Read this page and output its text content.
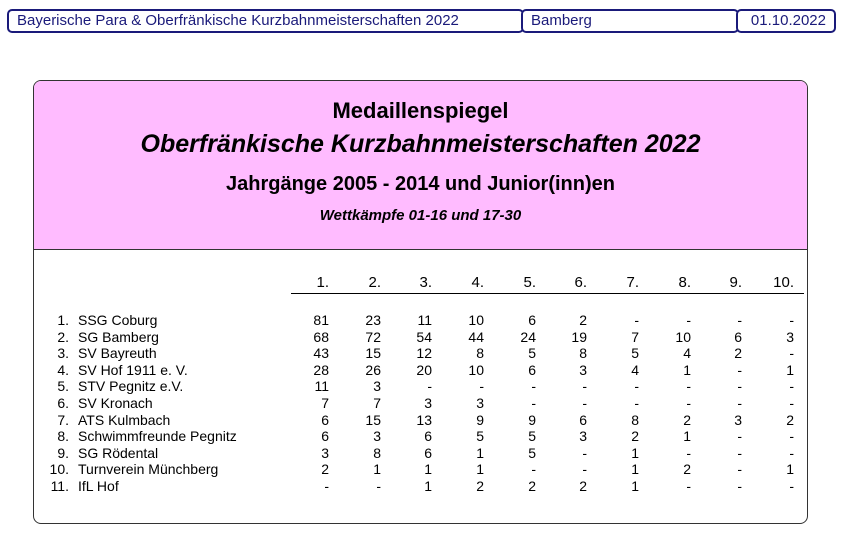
Bayerische Para & Oberfränkische Kurzbahnmeisterschaften 2022	Bamberg	01.10.2022
Medaillenspiegel
Oberfränkische Kurzbahnmeisterschaften 2022
Jahrgänge 2005 - 2014 und Junior(inn)en
Wettkämpfe 01-16 und 17-30
1.	2.	3.	4.	5.	6.	7.	8.	9.	10.
1. SSG Coburg	81	23	11	10	6	2	-	-	-	-
2. SG Bamberg	68	72	54	44	24	19	7	10	6	3
3. SV Bayreuth	43	15	12	8	5	8	5	4	2	-
4. SV Hof 1911 e. V.	28	26	20	10	6	3	4	1	-	1
5. STV Pegnitz e.V.	11	3	-	-	-	-	-	-	-	-
6. SV Kronach	7	7	3	3	-	-	-	-	-	-
7. ATS Kulmbach	6	15	13	9	9	6	8	2	3	2
8. Schwimmfreunde Pegnitz	6	3	6	5	5	3	2	1	-	-
9. SG Rödental	3	8	6	1	5	-	1	-	-	-
10. Turnverein Münchberg	2	1	1	1	-	-	1	2	-	1
11. IfL Hof	-	-	1	2	2	2	1	-	-	-
